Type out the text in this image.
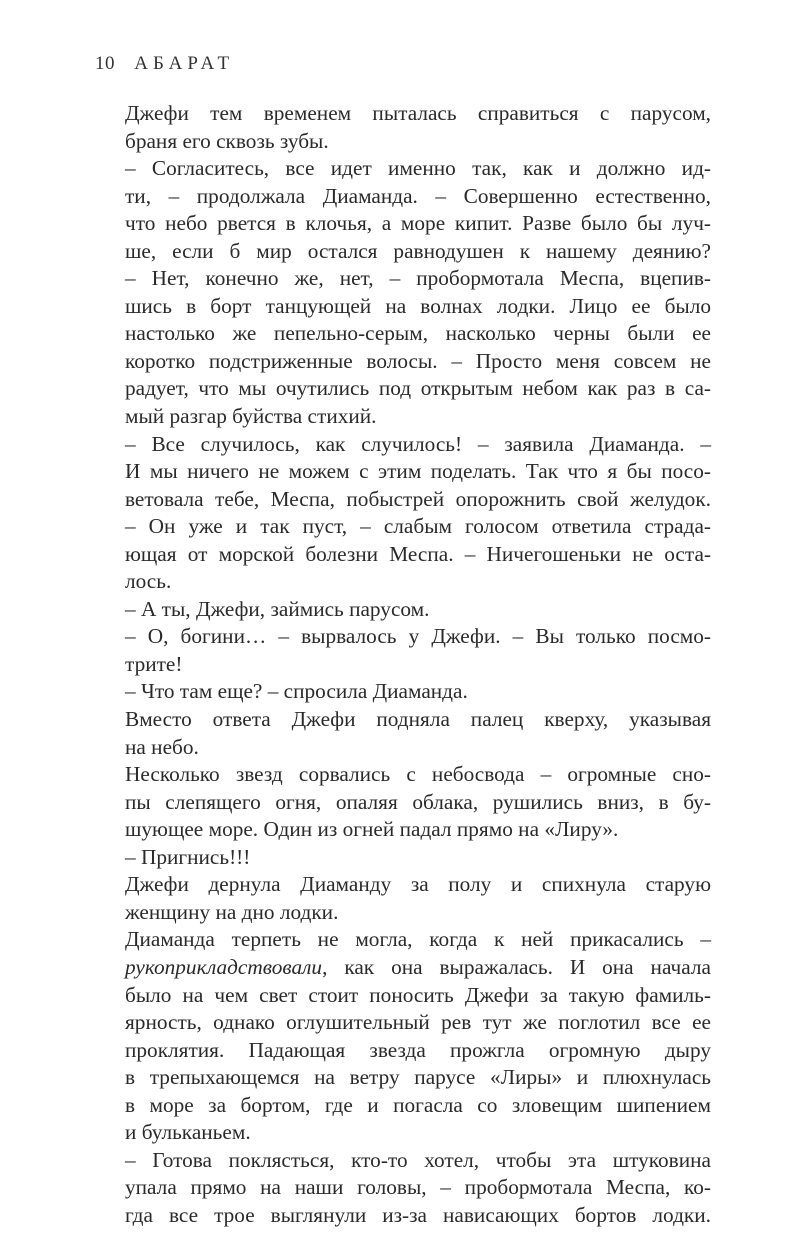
10 АБАРАТ
Джефи тем временем пыталась справиться с парусом,
браня его сквозь зубы.
– Согласитесь, все идет именно так, как и должно ид-
ти, – продолжала Диаманда. – Совершенно естественно,
что небо рвется в клочья, а море кипит. Разве было бы луч-
ше, если б мир остался равнодушен к нашему деянию?
– Нет, конечно же, нет, – пробормотала Меспа, вцепив-
шись в борт танцующей на волнах лодки. Лицо ее было
настолько же пепельно-серым, насколько черны были ее
коротко подстриженные волосы. – Просто меня совсем не
радует, что мы очутились под открытым небом как раз в са-
мый разгар буйства стихий.
– Все случилось, как случилось! – заявила Диаманда. –
И мы ничего не можем с этим поделать. Так что я бы посо-
ветовала тебе, Меспа, побыстрей опорожнить свой желудок.
– Он уже и так пуст, – слабым голосом ответила страда-
ющая от морской болезни Меспа. – Ничегошеньки не оста-
лось.
– А ты, Джефи, займись парусом.
– О, богини… – вырвалось у Джефи. – Вы только посмо-
трите!
– Что там еще? – спросила Диаманда.
Вместо ответа Джефи подняла палец кверху, указывая
на небо.
Несколько звезд сорвались с небосвода – огромные сно-
пы слепящего огня, опаляя облака, рушились вниз, в бу-
шующее море. Один из огней падал прямо на «Лиру».
– Пригнись!!!
Джефи дернула Диаманду за полу и спихнула старую
женщину на дно лодки.
Диаманда терпеть не могла, когда к ней прикасались –
рукоприкладствовали, как она выражалась. И она начала
было на чем свет стоит поносить Джефи за такую фамиль-
ярность, однако оглушительный рев тут же поглотил все ее
проклятия. Падающая звезда прожгла огромную дыру
в трепыхающемся на ветру парусе «Лиры» и плюхнулась
в море за бортом, где и погасла со зловещим шипением
и бульканьем.
– Готова поклясться, кто-то хотел, чтобы эта штуковина
упала прямо на наши головы, – пробормотала Меспа, ко-
гда все трое выглянули из-за нависающих бортов лодки.
